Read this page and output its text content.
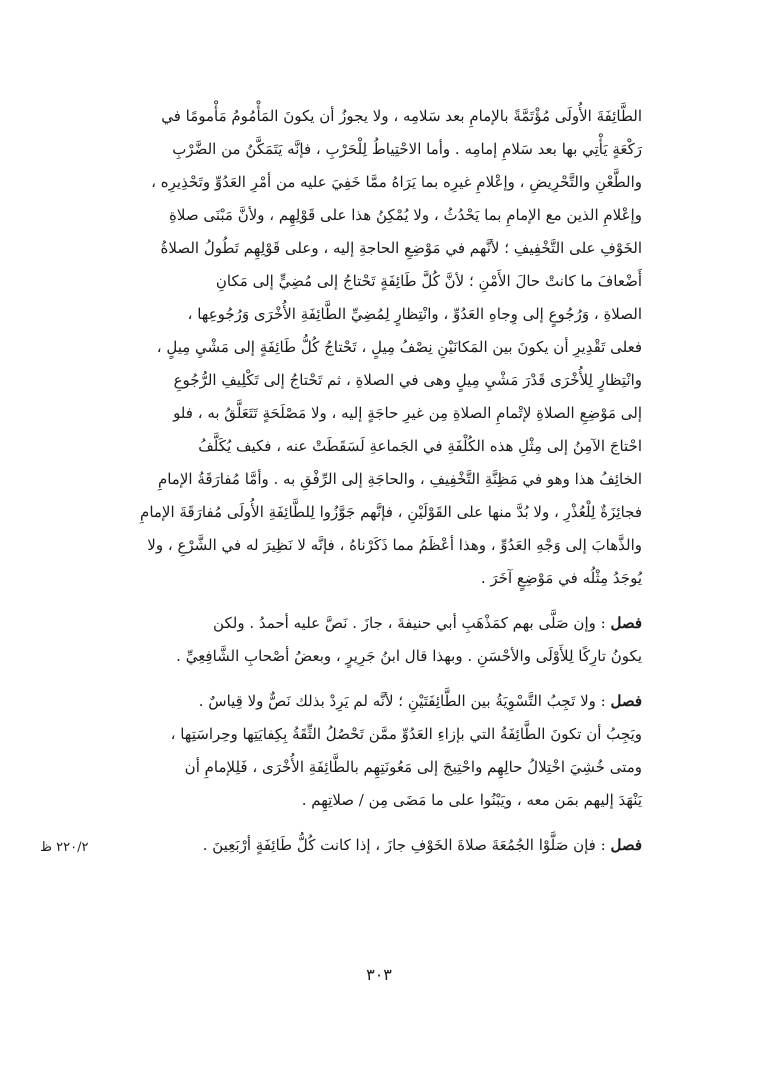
الطَّائِفَةَ الأُولَى مُؤْتَمَّةً بالإمامِ بعد سَلامِه ، ولا يجوزُ أن يكونَ المَأْمُومُ مَأْمومًا في
رَكْعَةٍ يَأْتِي بها بعد سَلامِ إمامِه . وأما الاحْتِياطُ لِلْحَرْبِ ، فإنَّه يَتَمَكَّنُ من الضَّرْبِ
والطَّعْنِ والتَّحْرِيضِ ، وإعْلامِ غيرِه بما يَرَاهُ ممَّا خَفِيَ عليه من أمْرِ العَدُوِّ وتَحْذِيرِه ،
وإعْلامِ الذين مع الإمامِ بما يَحْدُثُ ، ولا يُمْكِنُ هذا على قَوْلِهِم ، ولأنَّ مَبْنَى صلاةِ
الخَوْفِ على التَّخْفِيفِ ؛ لأنَّهم في مَوْضِعِ الحاجةِ إليه ، وعلى قَوْلِهِم تَطُولُ الصلاةُ
أَضْعافَ ما كانتْ حالَ الأَمْنِ ؛ لأنَّ كُلَّ طَائِفَةٍ تَحْتاجُ إلى مُضِيٍّ إلى مَكانِ
الصلاةِ ، وَرُجُوعٍ إلى وِجاهِ العَدُوِّ ، وانْتِظارٍ لِمُضِيِّ الطَّائِفَةِ الأُخْرَى وَرُجُوعِها ،
فعلى تَقْدِيرِ أن يكونَ بين المَكانَيْنِ نِصْفُ مِيلٍ ، تَحْتاجُ كُلُّ طَائِفَةٍ إلى مَشْيِ مِيلٍ ،
وانْتِظارٍ لِلأُخْرَى قَدْرَ مَشْيِ مِيلٍ وهى في الصلاةِ ، ثم تَحْتاجُ إلى تَكْلِيفِ الرُّجُوعِ
إلى مَوْضِعِ الصلاةِ لإتْمامِ الصلاةِ مِن غيرِ حاجَةٍ إليه ، ولا مَصْلَحَةٍ تَتَعَلَّقُ به ، فلو
احْتاجَ الآمِنُ إلى مِثْلِ هذه الكُلْفَةِ في الجَماعةِ لَسَقَطَتْ عنه ، فكيف يُكَلَّفُ
الخائِفُ هذا وهو في مَظِنَّةِ التَّخْفِيفِ ، والحاجَةِ إلى الرِّفْقِ به . وأمَّا مُفارَقَةُ الإمامِ
فجائِزَةٌ لِلْعُذْرِ ، ولا بُدَّ منها على القَوْلَيْنِ ، فإنَّهم جَوَّزُوا لِلطَّائِفَةِ الأُولَى مُفارَقَةَ الإمامِ
والذَّهابَ إلى وَجْهِ العَدُوِّ ، وهذا أعْظَمُ مما ذَكَرْناهُ ، فإنَّه لا نَظِيرَ له في الشَّرْعِ ، ولا
يُوجَدُ مِثْلُه في مَوْضِعٍ آخَرَ .

فصل : وإن صَلَّى بهم كمَذْهَبِ أبي حنيفةَ ، جازَ . نَصَّ عليه أحمدُ . ولكن
يكونُ تارِكًا لِلأَوْلَى والأحْسَنِ . وبهذا قال ابنُ جَرِيرٍ ، وبعضُ أصْحابِ الشَّافِعِيِّ .

فصل : ولا تَجِبُ التَّسْوِيَةُ بين الطَّائِفَتَيْنِ ؛ لأنَّه لم يَرِدْ بذلك نَصٌّ ولا قِياسٌ .
ويَجِبُ أن تكونَ الطَّائِفَةُ التي بإزاءِ العَدُوِّ ممَّن تَحْصُلُ الثِّقَةُ بِكِفايَتِها وحِراسَتِها ،
ومتى خُشِيَ اخْتِلالُ حالِهِم واحْتِيجَ إلى مَعُونَتِهِم بالطَّائِفَةِ الأُخْرَى ، فَلِلإمامِ أن
يَنْهَدَ إليهم بمَن معه ، ويَبْنُوا على ما مَضَى مِن / صلاتِهِم .

فصل : فإن صَلَّوْا الجُمُعَةَ صلاةَ الخَوْفِ جازَ ، إذا كانت كُلُّ طَائِفَةٍ أرْبَعِينَ .

٢٢٠/٢ ظ
٣٠٣
